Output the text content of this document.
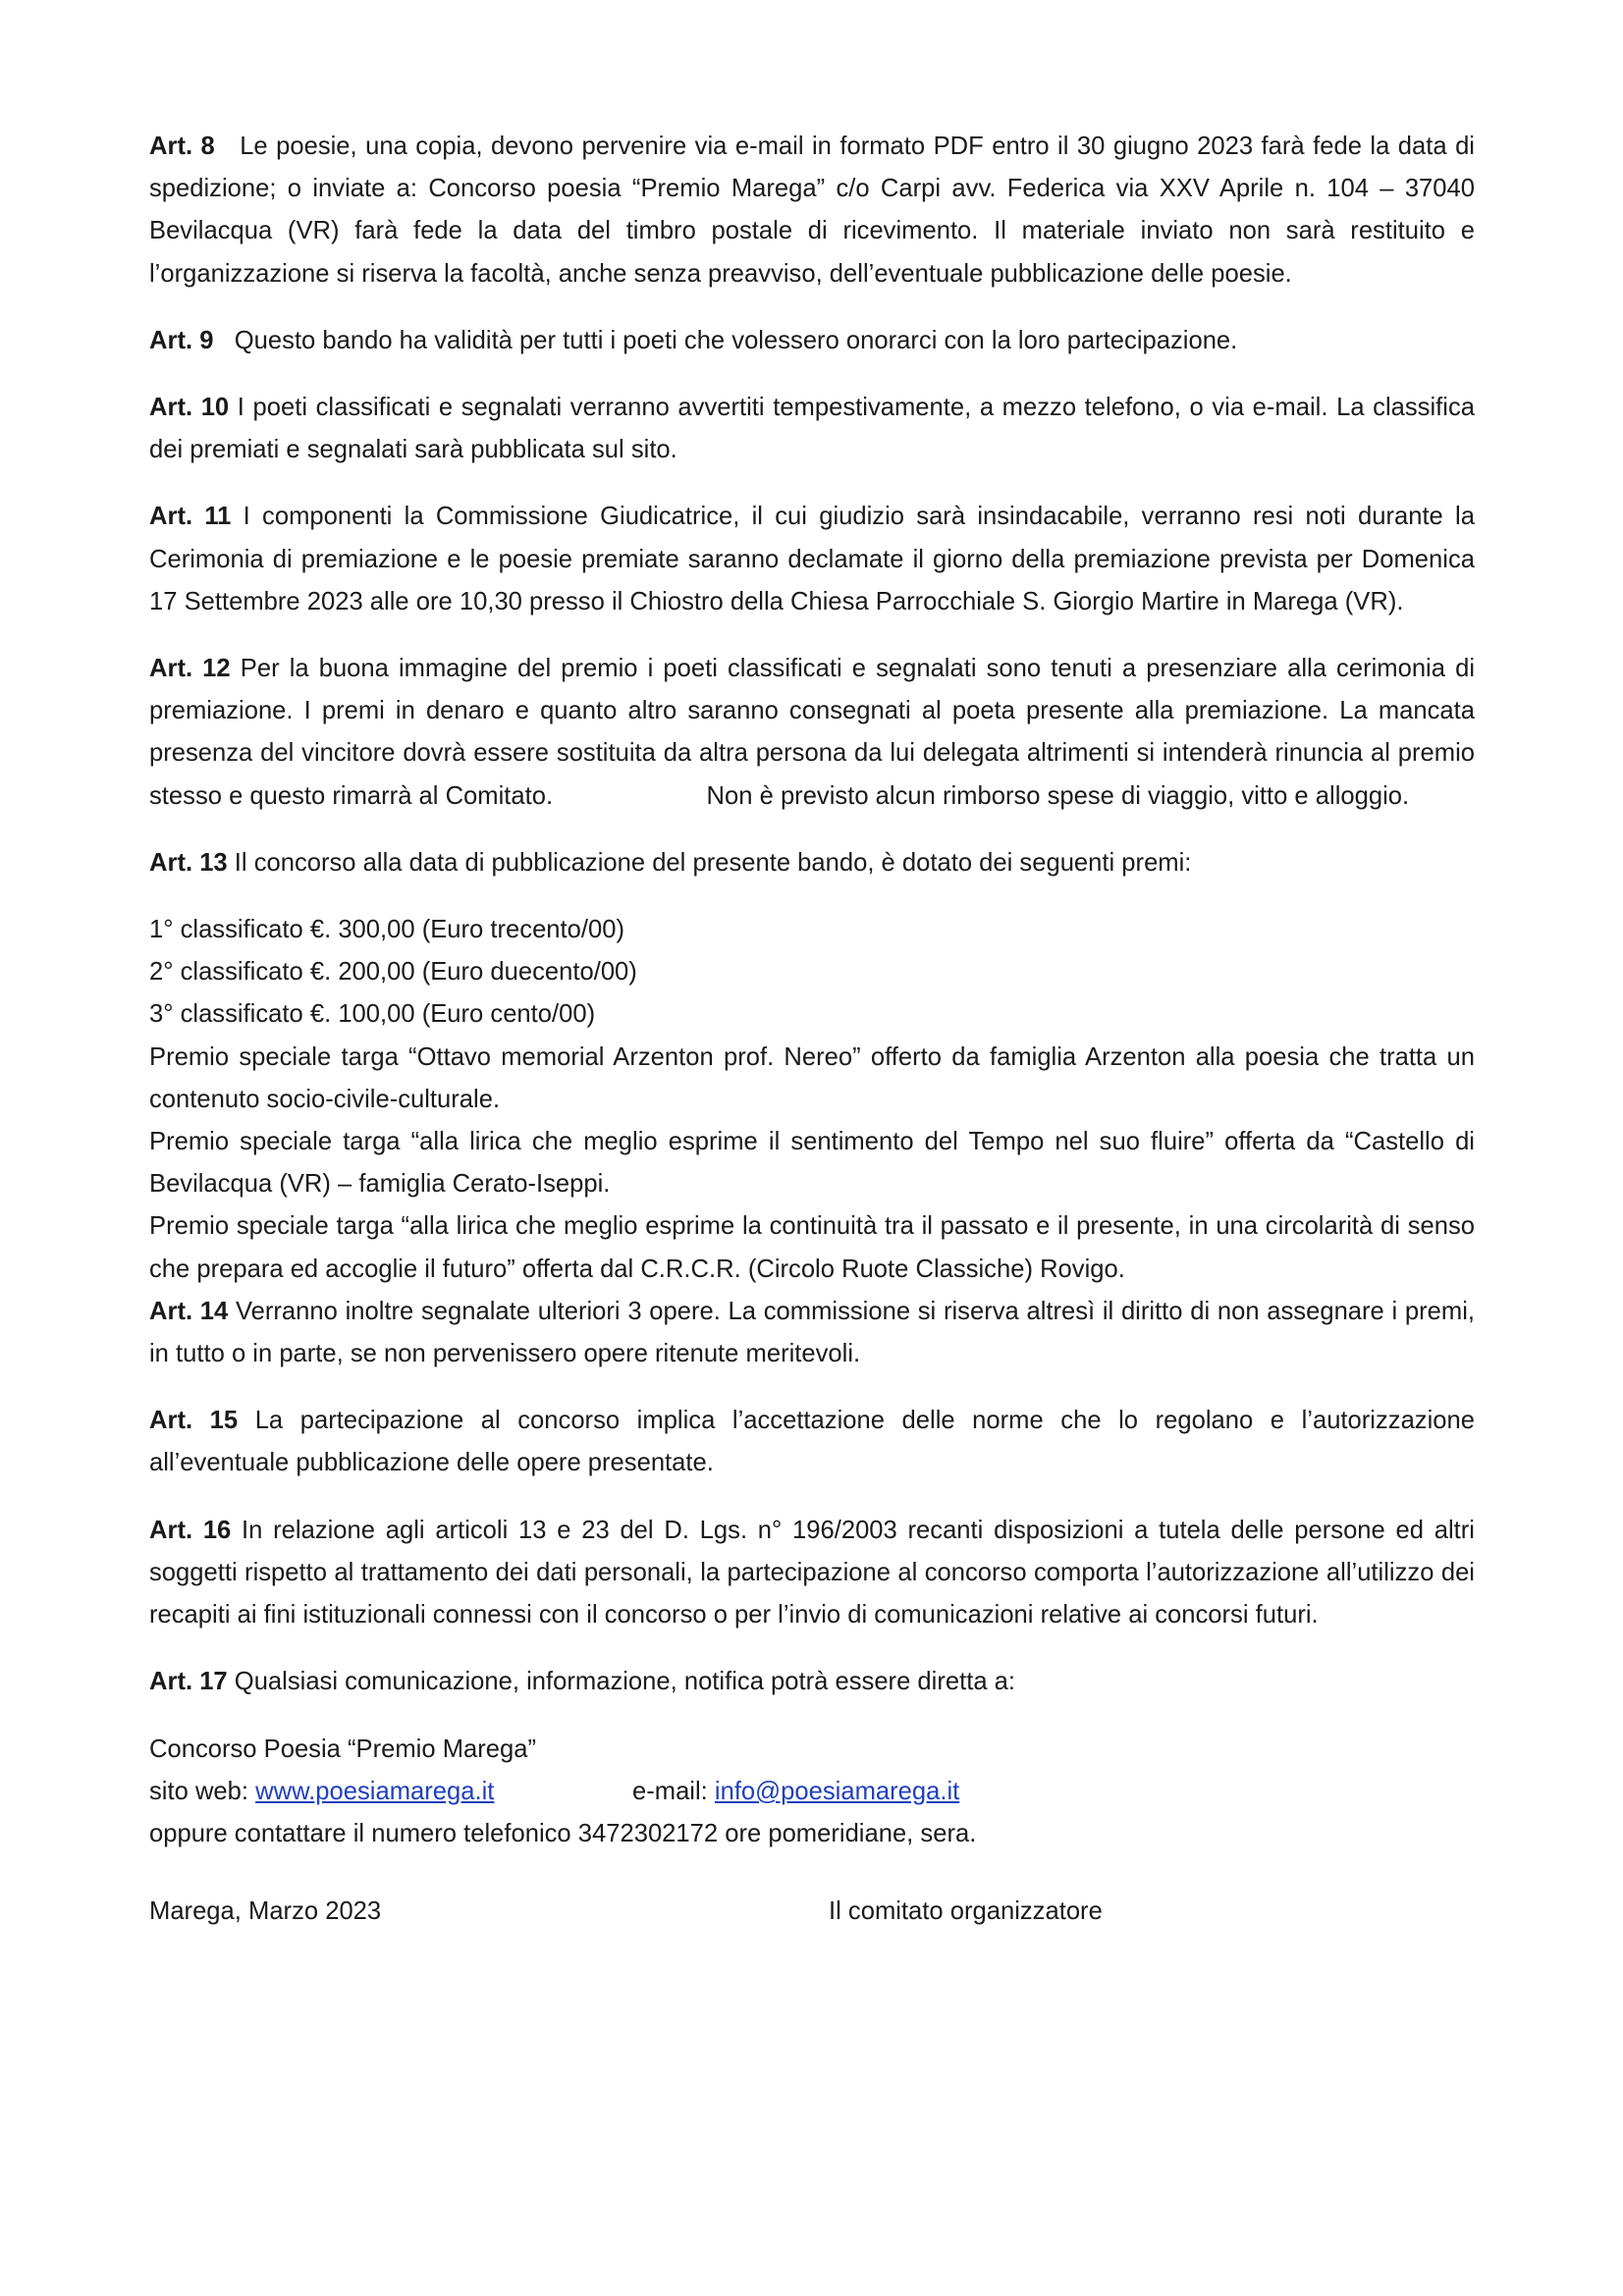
Art. 8 Le poesie, una copia, devono pervenire via e-mail in formato PDF entro il 30 giugno 2023 farà fede la data di spedizione; o inviate a: Concorso poesia “Premio Marega” c/o Carpi avv. Federica via XXV Aprile n. 104 – 37040 Bevilacqua (VR) farà fede la data del timbro postale di ricevimento. Il materiale inviato non sarà restituito e l’organizzazione si riserva la facoltà, anche senza preavviso, dell’eventuale pubblicazione delle poesie.

Art. 9 Questo bando ha validità per tutti i poeti che volessero onorarci con la loro partecipazione.

Art. 10 I poeti classificati e segnalati verranno avvertiti tempestivamente, a mezzo telefono, o via e-mail. La classifica dei premiati e segnalati sarà pubblicata sul sito.

Art. 11 I componenti la Commissione Giudicatrice, il cui giudizio sarà insindacabile, verranno resi noti durante la Cerimonia di premiazione e le poesie premiate saranno declamate il giorno della premiazione prevista per Domenica 17 Settembre 2023 alle ore 10,30 presso il Chiostro della Chiesa Parrocchiale S. Giorgio Martire in Marega (VR).

Art. 12 Per la buona immagine del premio i poeti classificati e segnalati sono tenuti a presenziare alla cerimonia di premiazione. I premi in denaro e quanto altro saranno consegnati al poeta presente alla premiazione. La mancata presenza del vincitore dovrà essere sostituita da altra persona da lui delegata altrimenti si intenderà rinuncia al premio stesso e questo rimarrà al Comitato.	Non è previsto alcun rimborso spese di viaggio, vitto e alloggio.

Art. 13 Il concorso alla data di pubblicazione del presente bando, è dotato dei seguenti premi:

1° classificato €. 300,00 (Euro trecento/00)
2° classificato €. 200,00 (Euro duecento/00)
3° classificato €. 100,00 (Euro cento/00)

Premio speciale targa “Ottavo memorial Arzenton prof. Nereo” offerto da famiglia Arzenton alla poesia che tratta un contenuto socio-civile-culturale.

Premio speciale targa “alla lirica che meglio esprime il sentimento del Tempo nel suo fluire” offerta da “Castello di Bevilacqua (VR) – famiglia Cerato-Iseppi.

Premio speciale targa “alla lirica che meglio esprime la continuità tra il passato e il presente, in una circolarità di senso che prepara ed accoglie il futuro” offerta dal C.R.C.R. (Circolo Ruote Classiche) Rovigo.

Art. 14 Verranno inoltre segnalate ulteriori 3 opere. La commissione si riserva altresì il diritto di non assegnare i premi, in tutto o in parte, se non pervenissero opere ritenute meritevoli.

Art. 15 La partecipazione al concorso implica l’accettazione delle norme che lo regolano e l’autorizzazione all’eventuale pubblicazione delle opere presentate.

Art. 16 In relazione agli articoli 13 e 23 del D. Lgs. n° 196/2003 recanti disposizioni a tutela delle persone ed altri soggetti rispetto al trattamento dei dati personali, la partecipazione al concorso comporta l’autorizzazione all’utilizzo dei recapiti ai fini istituzionali connessi con il concorso o per l’invio di comunicazioni relative ai concorsi futuri.

Art. 17 Qualsiasi comunicazione, informazione, notifica potrà essere diretta a:

Concorso Poesia “Premio Marega”
sito web: www.poesiamarega.it	e-mail: info@poesiamarega.it
oppure contattare il numero telefonico 3472302172 ore pomeridiane, sera.
Marega, Marzo 2023	Il comitato organizzatore
